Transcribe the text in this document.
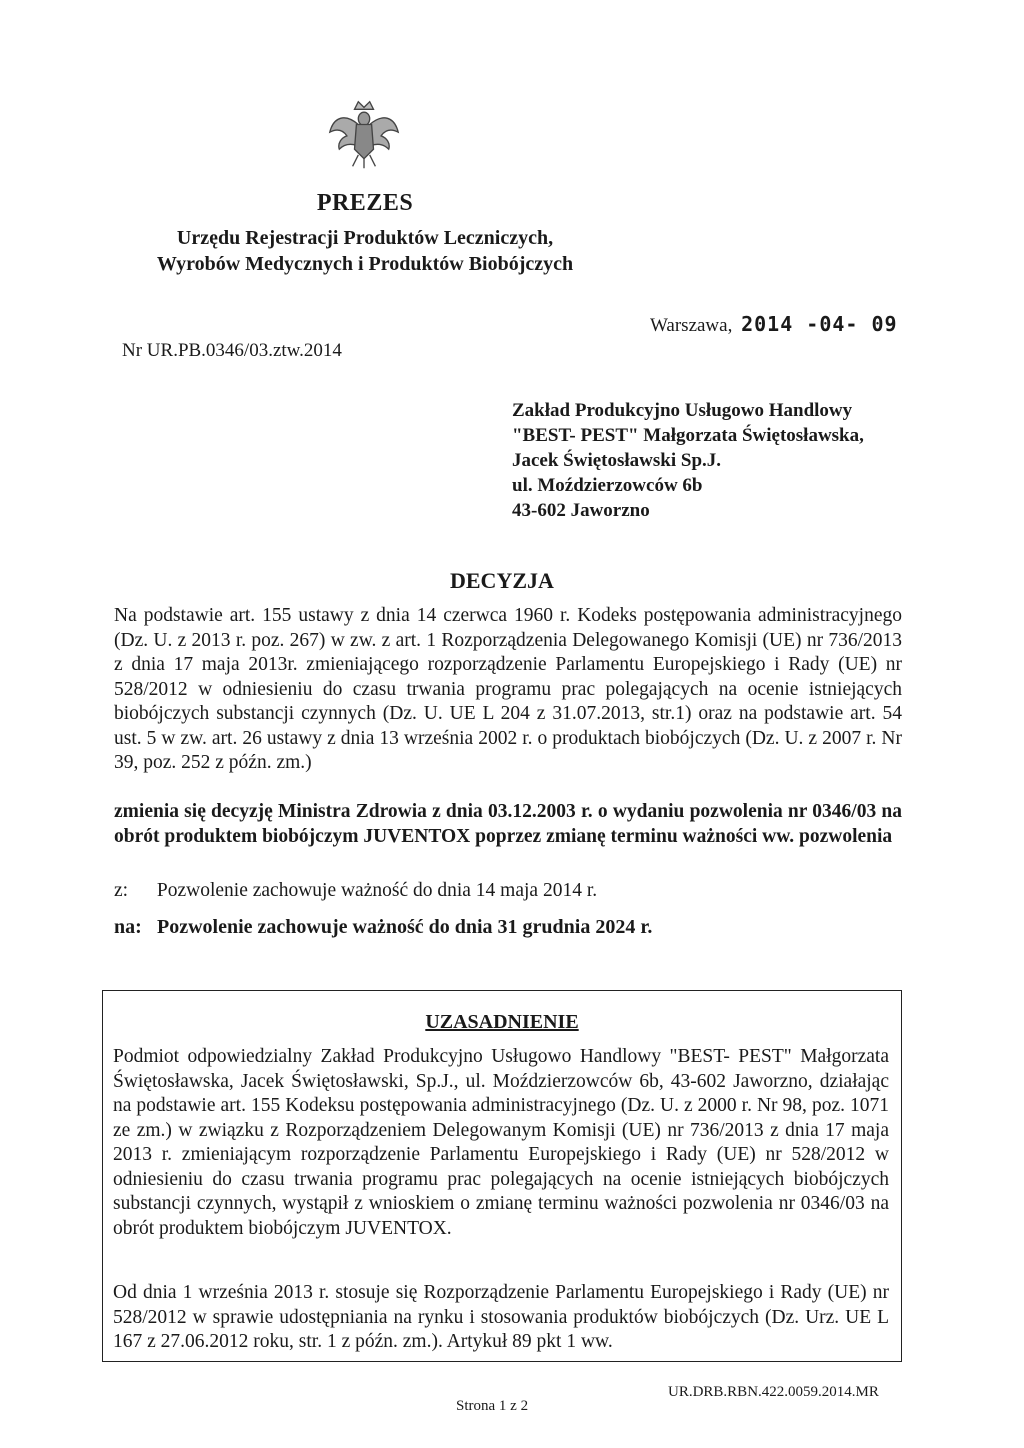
PREZES
Urzędu Rejestracji Produktów Leczniczych,
Wyrobów Medycznych i Produktów Biobójczych
Warszawa, 2014 -04- 09
Nr UR.PB.0346/03.ztw.2014
Zakład Produkcyjno Usługowo Handlowy
"BEST- PEST" Małgorzata Świętosławska,
Jacek Świętosławski Sp.J.
ul. Moździerzowców 6b
43-602 Jaworzno
DECYZJA
Na podstawie art. 155 ustawy z dnia 14 czerwca 1960 r. Kodeks postępowania administracyjnego (Dz. U. z 2013 r. poz. 267) w zw. z art. 1 Rozporządzenia Delegowanego Komisji (UE) nr 736/2013 z dnia 17 maja 2013r. zmieniającego rozporządzenie Parlamentu Europejskiego i Rady (UE) nr 528/2012 w odniesieniu do czasu trwania programu prac polegających na ocenie istniejących biobójczych substancji czynnych (Dz. U. UE L 204 z 31.07.2013, str.1) oraz na podstawie art. 54 ust. 5 w zw. art. 26 ustawy z dnia 13 września 2002 r. o produktach biobójczych (Dz. U. z 2007 r. Nr 39, poz. 252 z późn. zm.)
zmienia się decyzję Ministra Zdrowia z dnia 03.12.2003 r. o wydaniu pozwolenia nr 0346/03 na obrót produktem biobójczym JUVENTOX poprzez zmianę terminu ważności ww. pozwolenia
z: Pozwolenie zachowuje ważność do dnia 14 maja 2014 r.
na: Pozwolenie zachowuje ważność do dnia 31 grudnia 2024 r.
UZASADNIENIE
Podmiot odpowiedzialny Zakład Produkcyjno Usługowo Handlowy "BEST- PEST" Małgorzata Świętosławska, Jacek Świętosławski, Sp.J., ul. Moździerzowców 6b, 43-602 Jaworzno, działając na podstawie art. 155 Kodeksu postępowania administracyjnego (Dz. U. z 2000 r. Nr 98, poz. 1071 ze zm.) w związku z Rozporządzeniem Delegowanym Komisji (UE) nr 736/2013 z dnia 17 maja 2013 r. zmieniającym rozporządzenie Parlamentu Europejskiego i Rady (UE) nr 528/2012 w odniesieniu do czasu trwania programu prac polegających na ocenie istniejących biobójczych substancji czynnych, wystąpił z wnioskiem o zmianę terminu ważności pozwolenia nr 0346/03 na obrót produktem biobójczym JUVENTOX.
Od dnia 1 września 2013 r. stosuje się Rozporządzenie Parlamentu Europejskiego i Rady (UE) nr 528/2012 w sprawie udostępniania na rynku i stosowania produktów biobójczych (Dz. Urz. UE L 167 z 27.06.2012 roku, str. 1 z późn. zm.). Artykuł 89 pkt 1 ww.
UR.DRB.RBN.422.0059.2014.MR
Strona 1 z 2
